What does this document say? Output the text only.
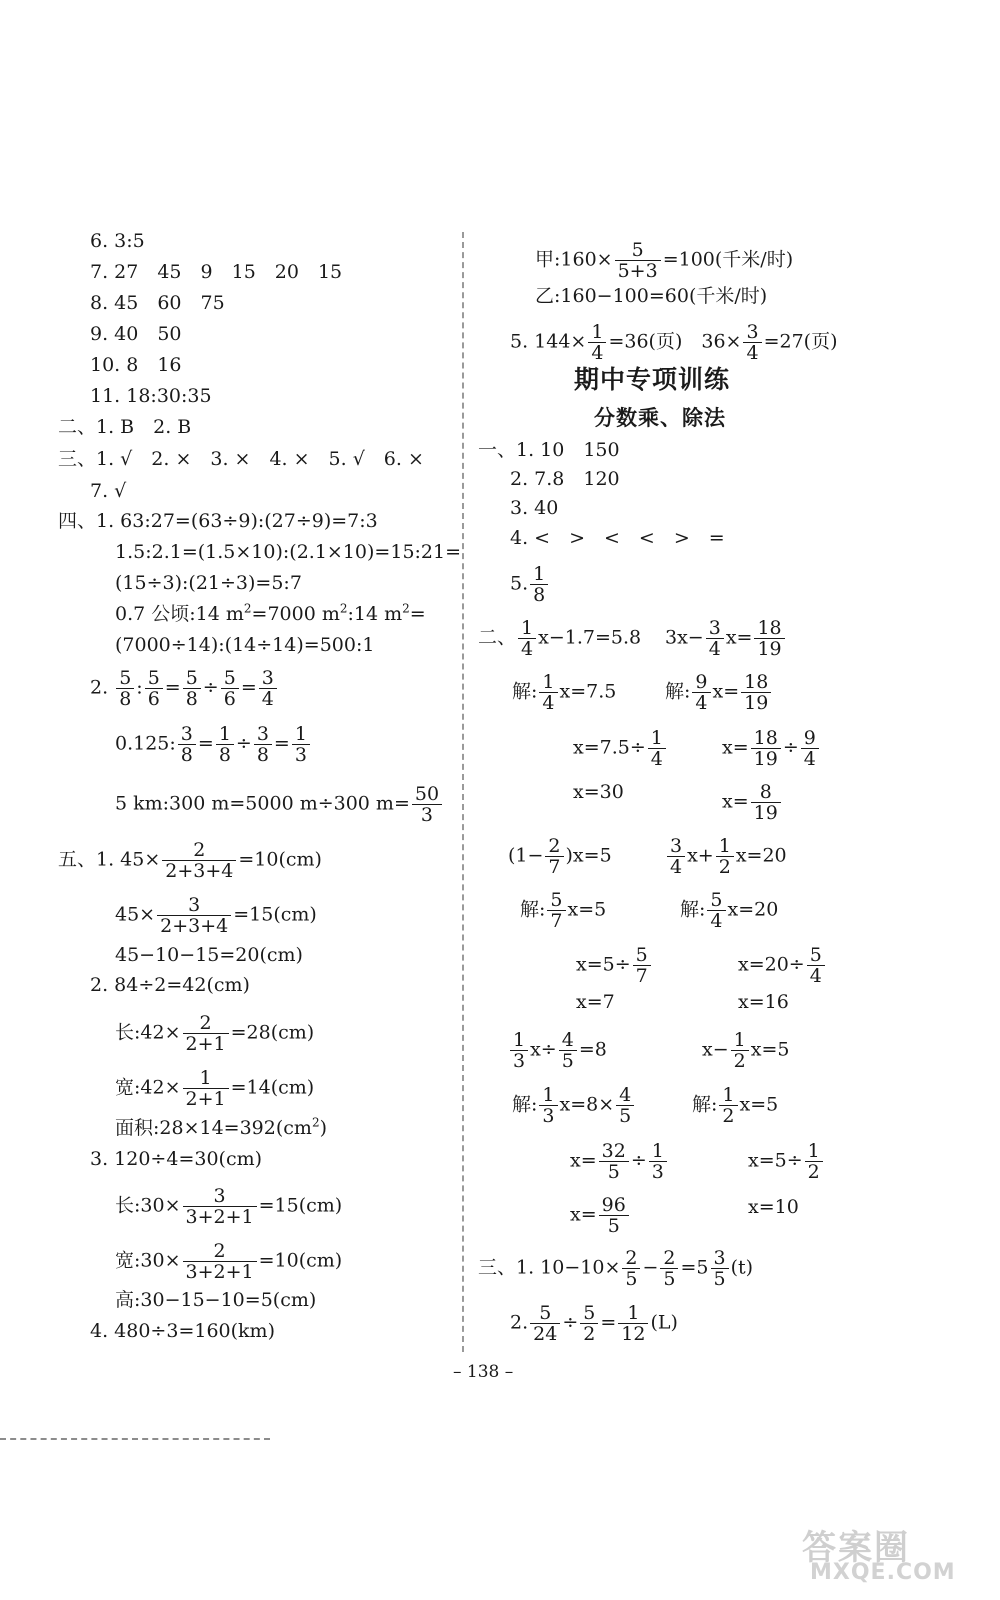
6. 3:5
7. 27　45　9　15　20　15
8. 45　60　75
9. 40　50
10. 8　16
11. 18:30:35
二、1. B　2. B
三、1. √　2. ×　3. ×　4. ×　5. √　6. ×
7. √
四、1. 63:27=(63÷9):(27÷9)=7:3
1.5:2.1=(1.5×10):(2.1×10)=15:21=
(15÷3):(21÷3)=5:7
0.7 公顷:14 $m^2=7000$ $m^2:14$ $m^2=$
(7000÷14):(14÷14)=500:1
2. $\frac{5}{8}$ : $\frac{5}{6} = \frac{5}{8} \div \frac{5}{6} = \frac{3}{4}$
0.125: $\frac{3}{8} = \frac{1}{8} \div \frac{3}{8} = \frac{1}{3}$
5 km:300 m=5000 m÷300 $m= \frac{50}{3}$
五、1. $45\times \frac{2}{2+3+4} =10(cm)$
$45\times \frac{3}{2+3+4} =15(cm)$
45−10−15=20(cm)
2. 84÷2=42(cm)
长:42× $\frac{2}{2+1} =28(cm)$
宽:42× $\frac{1}{2+1} =14(cm)$
面积$:28\times 14=392(cm^2)$
3. 120÷4=30(cm)
长:30× $\frac{3}{3+2+1} =15(cm)$
宽:30× $\frac{2}{3+2+1} =10(cm)$
高:30−15−10=5(cm)
4. 480÷3=160(km)
甲:160× $\frac{5}{5+3} =100$(千米/时)
乙:160−100=60(千米/时)
5. $144\times \frac{1}{4} =36$(页)　$36\times \frac{3}{4} =27$(页)
期中专项训练
分数乘、除法
一、1. 10　150
2. 7.8　120
3. 40
4. <　>　<　<　>　=
5. $\frac{1}{8}$
二、 $\frac{1}{4} x-1.7=5.8$ $3x- \frac{3}{4} x= \frac{18}{19}$
解: $\frac{1}{4} x=7.5$	解: $\frac{9}{4} x= \frac{18}{19}$
$x=7.5\div \frac{1}{4}$	$x= \frac{18}{19} \div \frac{9}{4}$
x=30	$x= \frac{8}{19}$
$(1- \frac{2}{7} )x=5$	$\frac{3}{4} x+ \frac{1}{2} x=20$
解: $\frac{5}{7} x=5$	解: $\frac{5}{4} x=20$
$x=5\div \frac{5}{7}$	$x=20\div \frac{5}{4}$
x=7	x=16
$\frac{1}{3} x\div \frac{4}{5} =8$	$x- \frac{1}{2} x=5$
解: $\frac{1}{3} x=8\times \frac{4}{5}$	解: $\frac{1}{2} x=5$
$x= \frac{32}{5} \div \frac{1}{3}$	$x=5\div \frac{1}{2}$
$x= \frac{96}{5}$	x=10
三、1. $10-10\times \frac{2}{5} - \frac{2}{5} =5 \frac{3}{5} (t)$
2. $\frac{5}{24} \div \frac{5}{2} = \frac{1}{12} (L)$
– 138 –
答案圈
MXQE.COM
